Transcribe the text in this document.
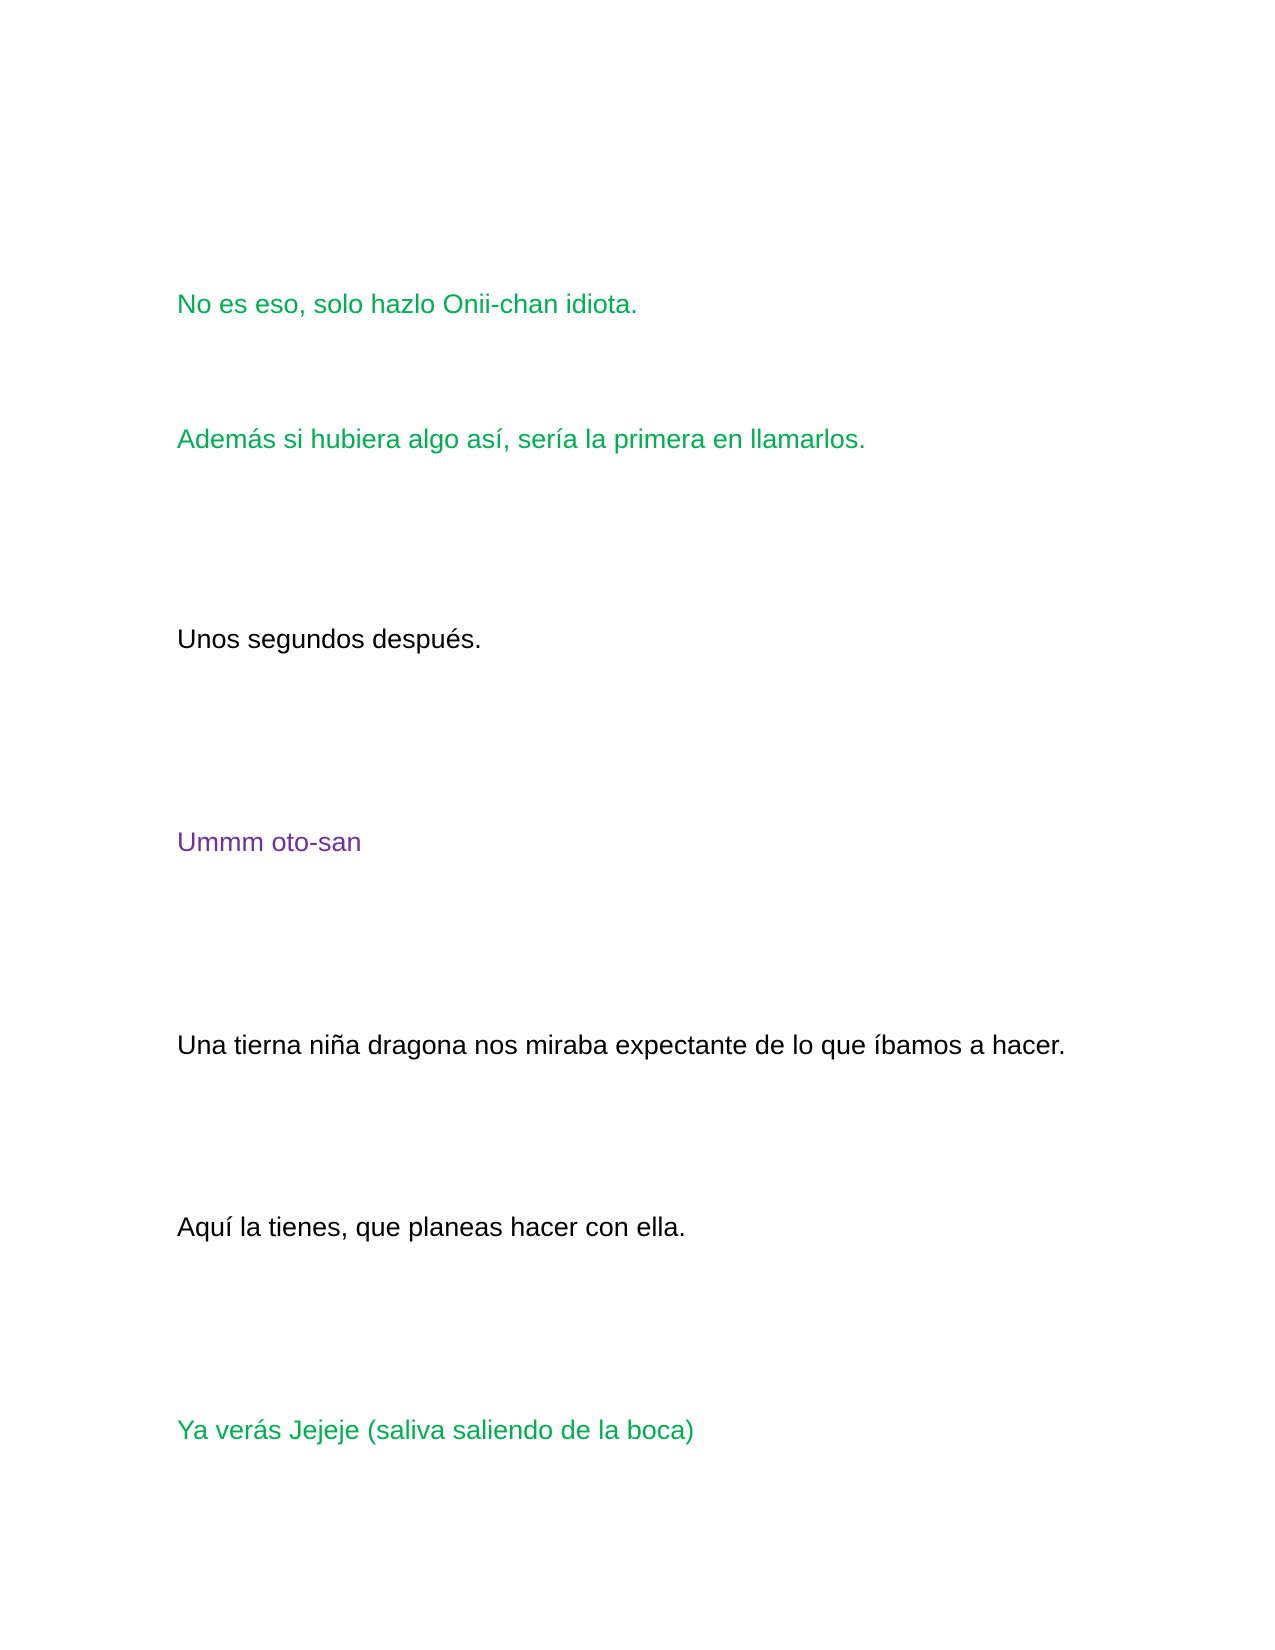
No es eso, solo hazlo Onii-chan idiota.

Además si hubiera algo así, sería la primera en llamarlos.

Unos segundos después.

Ummm oto-san

Una tierna niña dragona nos miraba expectante de lo que íbamos a hacer.

Aquí la tienes, que planeas hacer con ella.

Ya verás Jejeje (saliva saliendo de la boca)
